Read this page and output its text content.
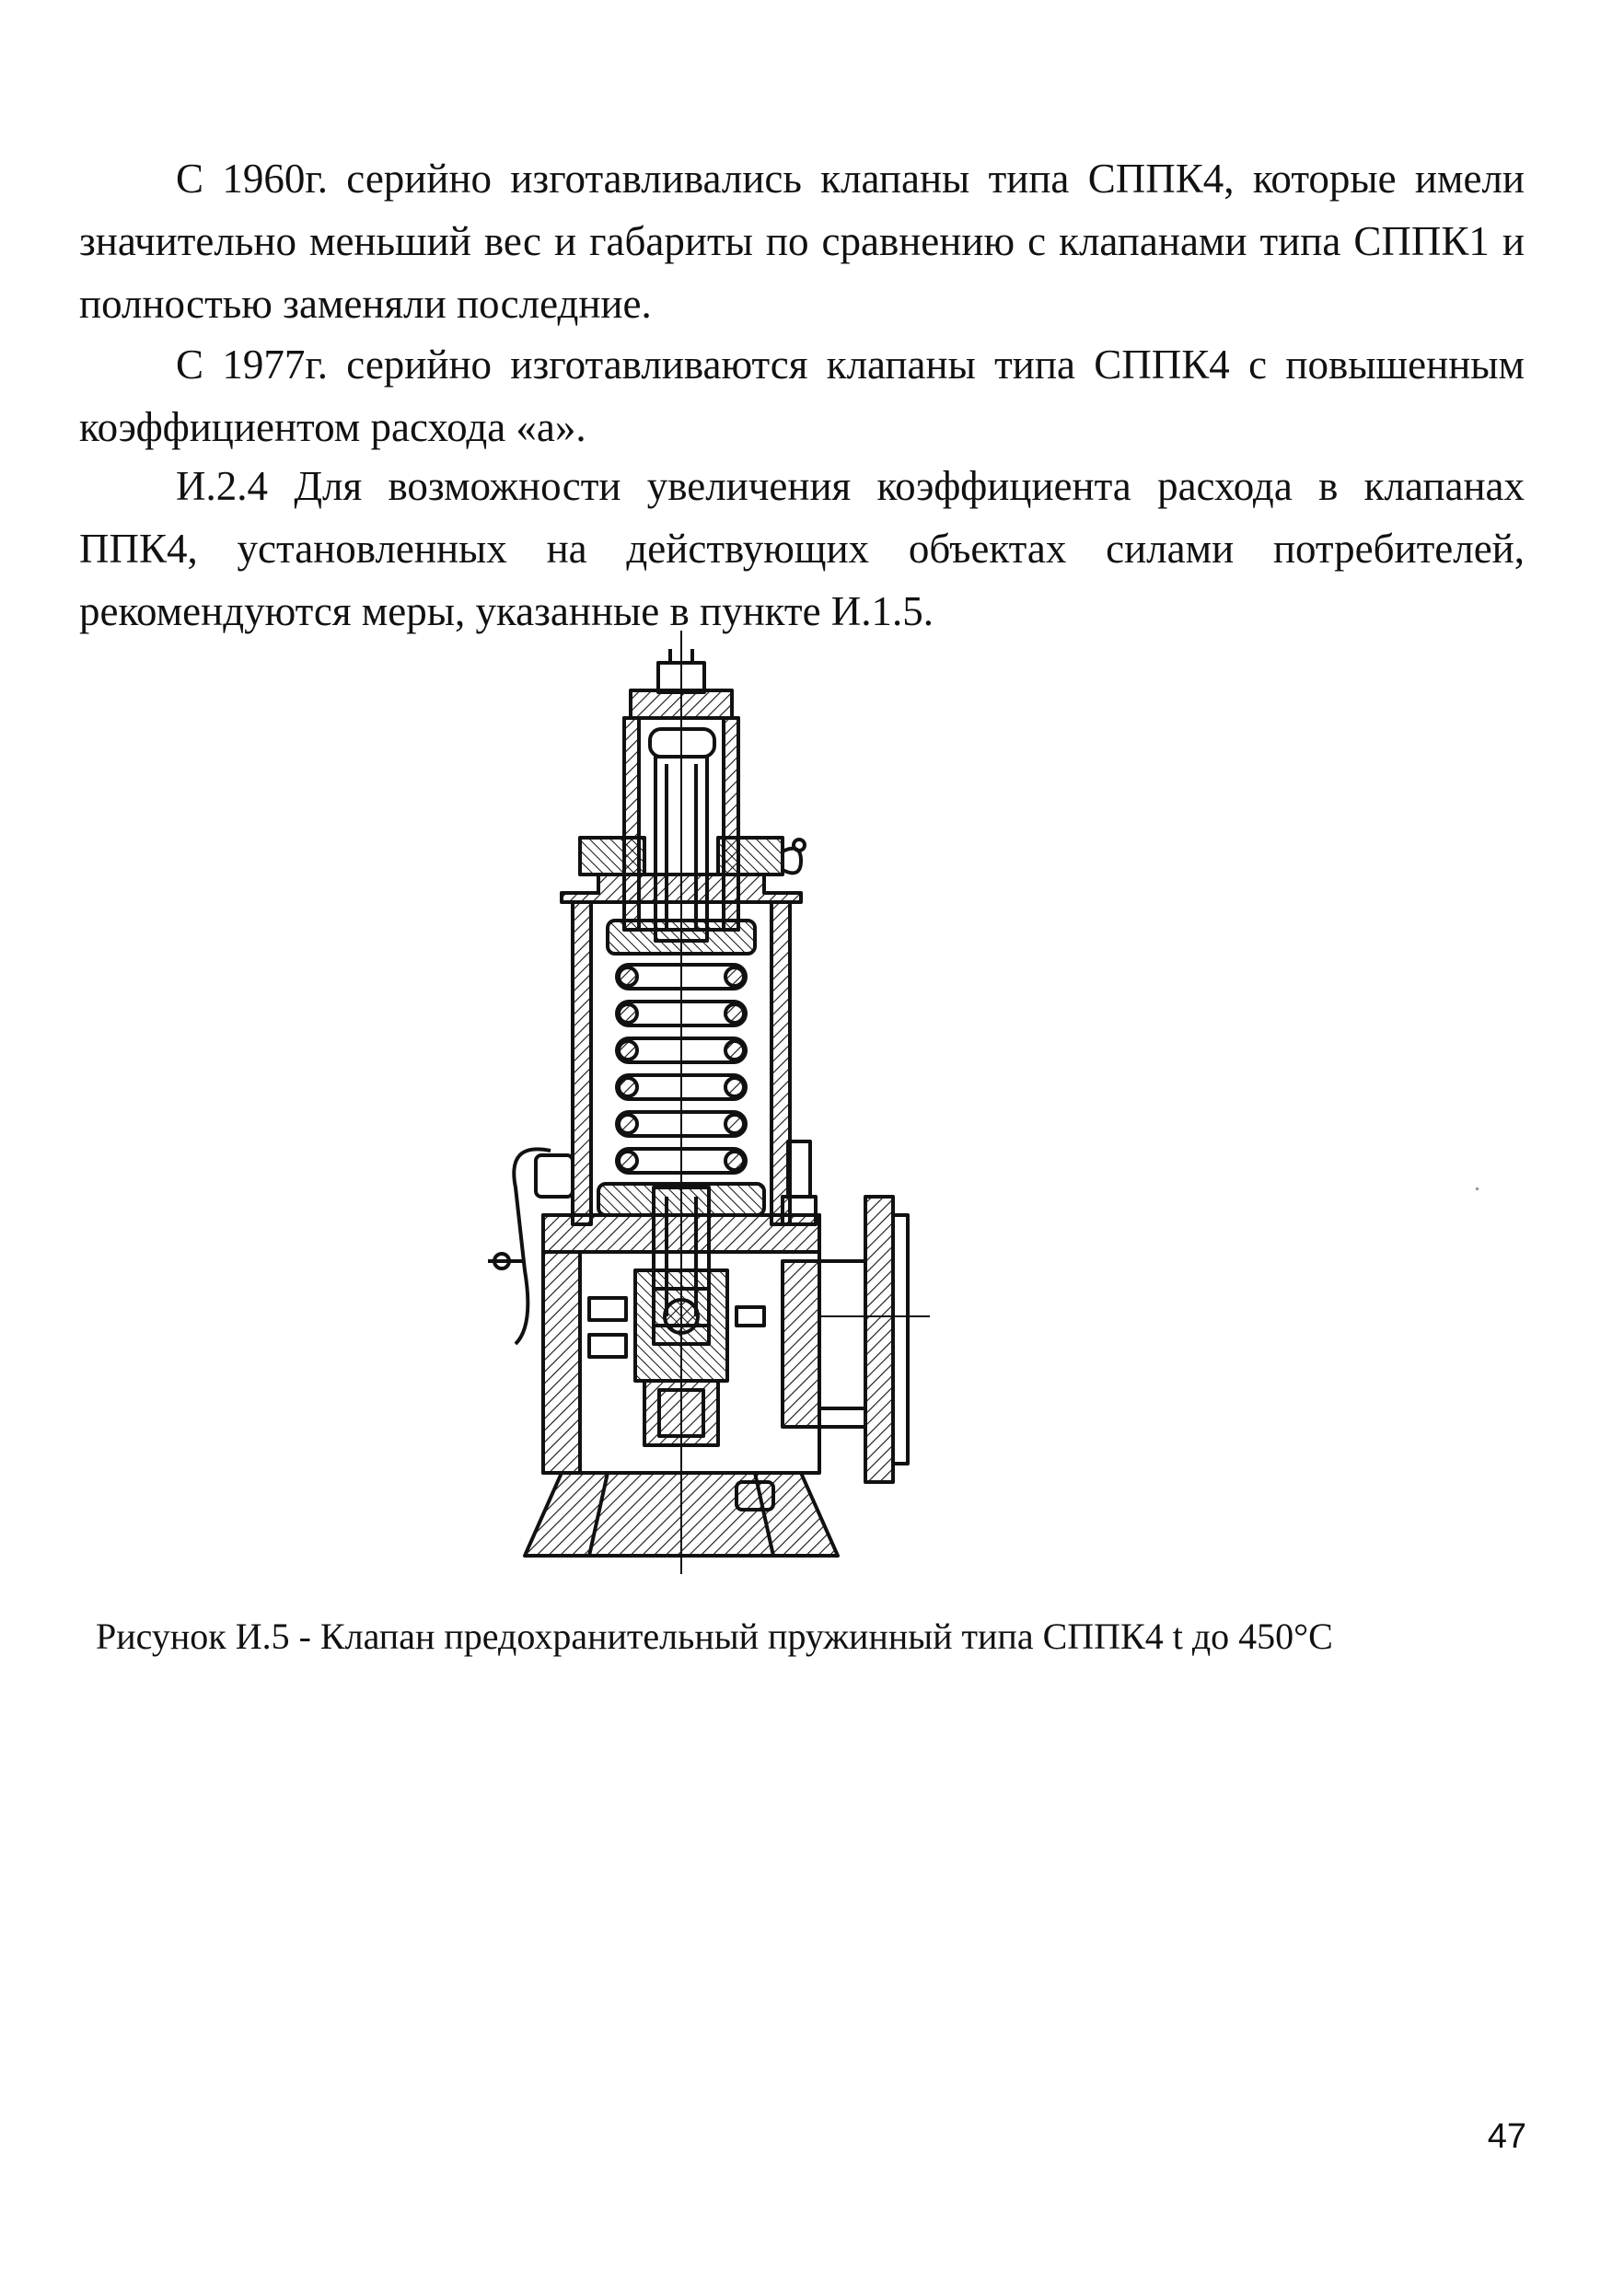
С 1960г. серийно изготавливались клапаны типа СППК4, которые имели значительно меньший вес и габариты по сравнению с клапанами типа СППК1 и полностью заменяли последние.

С 1977г. серийно изготавливаются клапаны типа СППК4 с повышенным коэффициентом расхода «а».

И.2.4 Для возможности увеличения коэффициента расхода в клапанах ППК4, установленных на действующих объектах силами потребителей, рекомендуются меры, указанные в пункте И.1.5.

Рисунок И.5 - Клапан предохранительный пружинный типа СППК4 t до 450°С

47
